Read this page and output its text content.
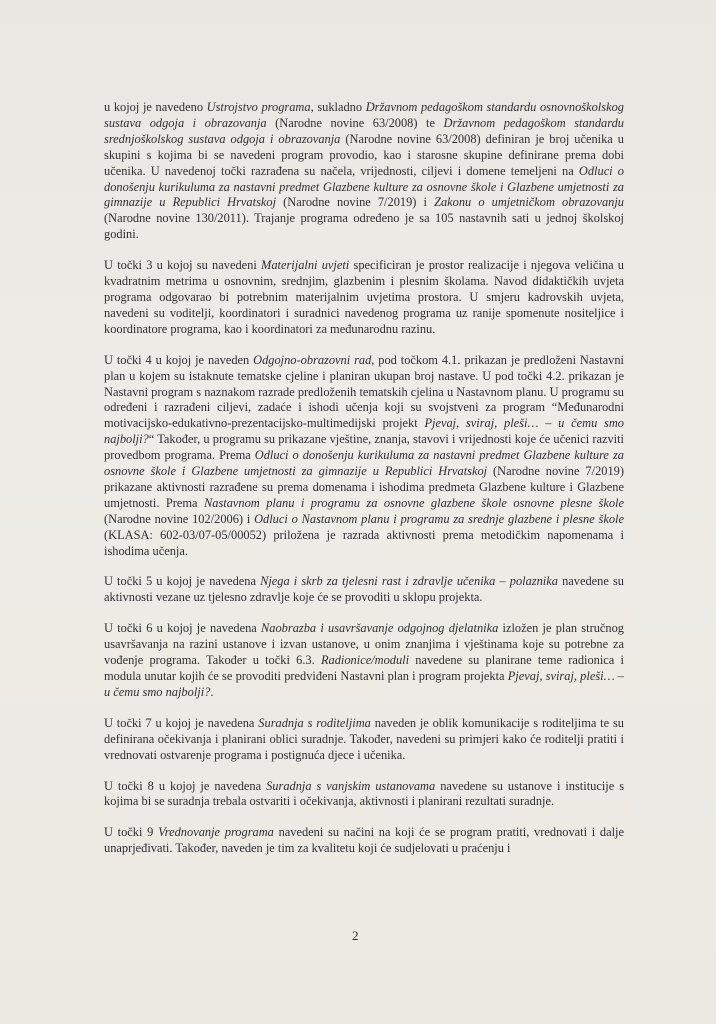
u kojoj je navedeno Ustrojstvo programa, sukladno Državnom pedagoškom standardu osnovnoškolskog sustava odgoja i obrazovanja (Narodne novine 63/2008) te Državnom pedagoškom standardu srednjoškolskog sustava odgoja i obrazovanja (Narodne novine 63/2008) definiran je broj učenika u skupini s kojima bi se navedeni program provodio, kao i starosne skupine definirane prema dobi učenika. U navedenoj točki razrađena su načela, vrijednosti, ciljevi i domene temeljeni na Odluci o donošenju kurikuluma za nastavni predmet Glazbene kulture za osnovne škole i Glazbene umjetnosti za gimnazije u Republici Hrvatskoj (Narodne novine 7/2019) i Zakonu o umjetničkom obrazovanju (Narodne novine 130/2011). Trajanje programa određeno je sa 105 nastavnih sati u jednoj školskoj godini.

U točki 3 u kojoj su navedeni Materijalni uvjeti specificiran je prostor realizacije i njegova veličina u kvadratnim metrima u osnovnim, srednjim, glazbenim i plesnim školama. Navod didaktičkih uvjeta programa odgovarao bi potrebnim materijalnim uvjetima prostora. U smjeru kadrovskih uvjeta, navedeni su voditelji, koordinatori i suradnici navedenog programa uz ranije spomenute nositeljice i koordinatore programa, kao i koordinatori za međunarodnu razinu.

U točki 4 u kojoj je naveden Odgojno-obrazovni rad, pod točkom 4.1. prikazan je predloženi Nastavni plan u kojem su istaknute tematske cjeline i planiran ukupan broj nastave. U pod točki 4.2. prikazan je Nastavni program s naznakom razrade predloženih tematskih cjelina u Nastavnom planu. U programu su određeni i razrađeni ciljevi, zadaće i ishodi učenja koji su svojstveni za program “Međunarodni motivacijsko-edukativno-prezentacijsko-multimedijski projekt Pjevaj, sviraj, pleši… – u čemu smo najbolji?“ Također, u programu su prikazane vještine, znanja, stavovi i vrijednosti koje će učenici razviti provedbom programa. Prema Odluci o donošenju kurikuluma za nastavni predmet Glazbene kulture za osnovne škole i Glazbene umjetnosti za gimnazije u Republici Hrvatskoj (Narodne novine 7/2019) prikazane aktivnosti razrađene su prema domenama i ishodima predmeta Glazbene kulture i Glazbene umjetnosti. Prema Nastavnom planu i programu za osnovne glazbene škole osnovne plesne škole (Narodne novine 102/2006) i Odluci o Nastavnom planu i programu za srednje glazbene i plesne škole (KLASA: 602-03/07-05/00052) priložena je razrada aktivnosti prema metodičkim napomenama i ishodima učenja.

U točki 5 u kojoj je navedena Njega i skrb za tjelesni rast i zdravlje učenika – polaznika navedene su aktivnosti vezane uz tjelesno zdravlje koje će se provoditi u sklopu projekta.

U točki 6 u kojoj je navedena Naobrazba i usavršavanje odgojnog djelatnika izložen je plan stručnog usavršavanja na razini ustanove i izvan ustanove, u onim znanjima i vještinama koje su potrebne za vođenje programa. Također u točki 6.3. Radionice/moduli navedene su planirane teme radionica i modula unutar kojih će se provoditi predviđeni Nastavni plan i program projekta Pjevaj, sviraj, pleši… – u čemu smo najbolji?.

U točki 7 u kojoj je navedena Suradnja s roditeljima naveden je oblik komunikacije s roditeljima te su definirana očekivanja i planirani oblici suradnje. Također, navedeni su primjeri kako će roditelji pratiti i vrednovati ostvarenje programa i postignuća djece i učenika.

U točki 8 u kojoj je navedena Suradnja s vanjskim ustanovama navedene su ustanove i institucije s kojima bi se suradnja trebala ostvariti i očekivanja, aktivnosti i planirani rezultati suradnje.

U točki 9 Vrednovanje programa navedeni su načini na koji će se program pratiti, vrednovati i dalje unaprjeđivati. Također, naveden je tim za kvalitetu koji će sudjelovati u praćenju i

2
